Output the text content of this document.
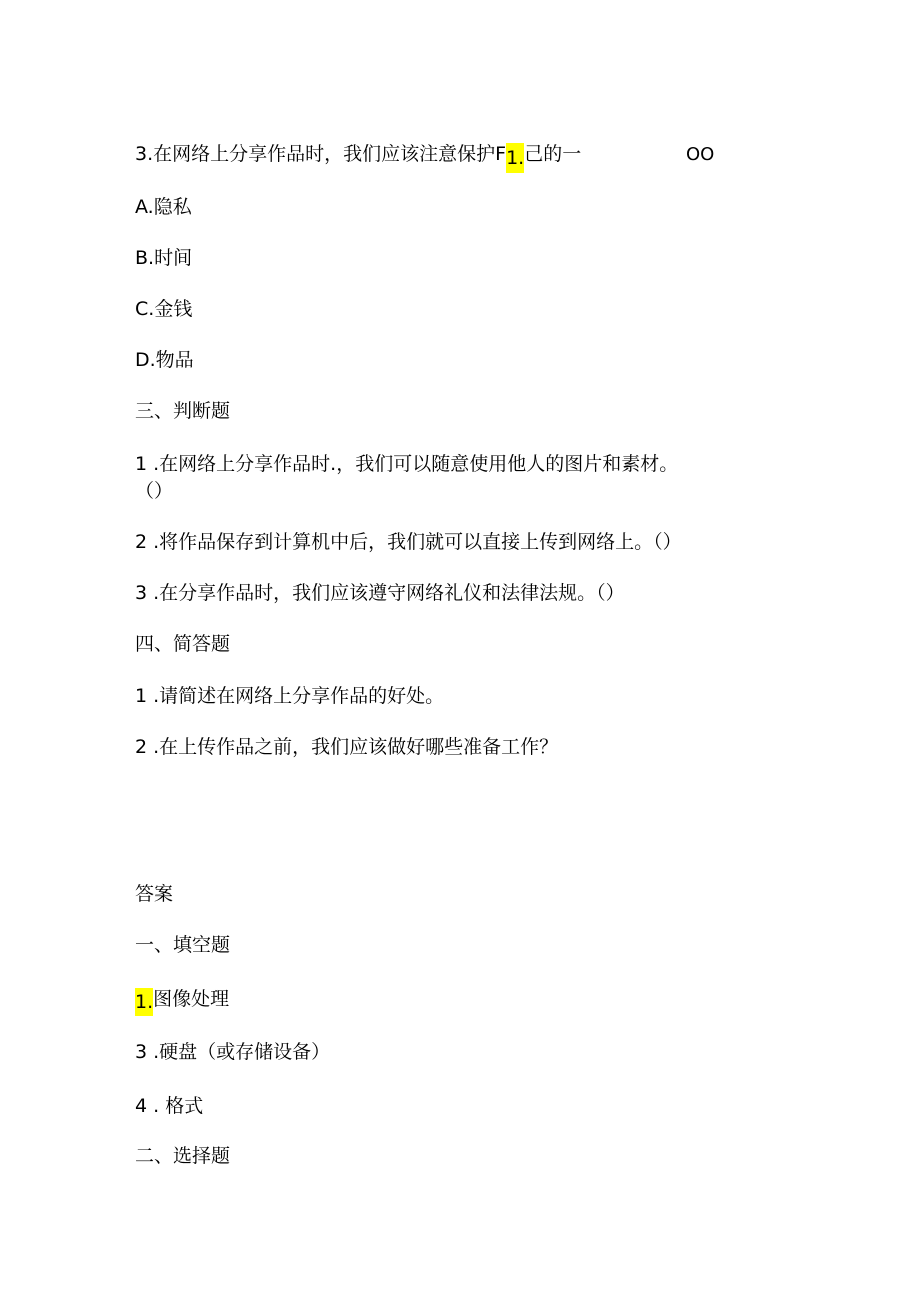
3.在网络上分享作品时，我们应该注意保护F1.己的一	OO
A.隐私
B.时间
C.金钱
D.物品
三、判断题
1 .在网络上分享作品时.，我们可以随意使用他人的图片和素材。
（）
2 .将作品保存到计算机中后，我们就可以直接上传到网络上。（）
3 .在分享作品时，我们应该遵守网络礼仪和法律法规。（）
四、简答题
1 .请简述在网络上分享作品的好处。
2 .在上传作品之前，我们应该做好哪些准备工作？
答案
一、填空题
1.图像处理
3 .硬盘（或存储设备）
4 . 格式
二、选择题
